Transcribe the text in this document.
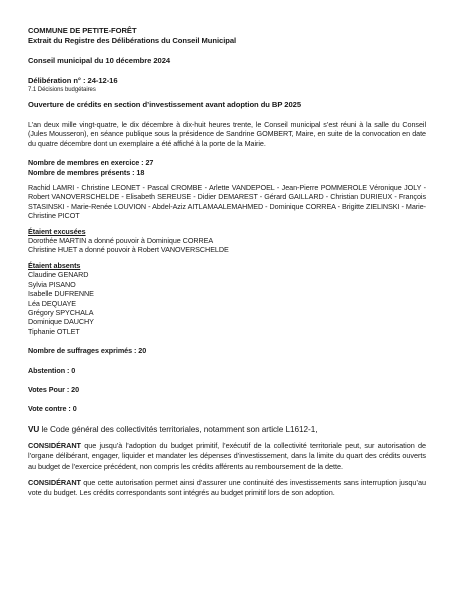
COMMUNE DE PETITE-FORÊT
Extrait du Registre des Délibérations du Conseil Municipal
Conseil municipal du 10 décembre 2024
Délibération n° : 24-12-16
7.1 Décisions budgétaires
Ouverture de crédits en section d’investissement avant adoption du BP 2025

L’an deux mille vingt-quatre, le dix décembre à dix-huit heures trente, le Conseil municipal s’est réuni à la salle du Conseil (Jules Mousseron), en séance publique sous la présidence de Sandrine GOMBERT, Maire, en suite de la convocation en date du quatre décembre dont un exemplaire a été affiché à la porte de la Mairie.

Nombre de membres en exercice : 27
Nombre de membres présents : 18

Rachid LAMRI - Christine LEONET - Pascal CROMBE - Arlette VANDEPOEL - Jean-Pierre POMMEROLE Véronique JOLY - Robert VANOVERSCHELDE - Elisabeth SEREUSE - Didier DEMAREST - Gérard GAILLARD - Christian DURIEUX - François STASINSKI - Marie-Renée LOUVION - Abdel-Aziz AITLAMAALEMAHMED - Dominique CORREA - Brigitte ZIELINSKI - Marie-Christine PICOT

Étaient excusées
Dorothée MARTIN a donné pouvoir à Dominique CORREA
Christine HUET a donné pouvoir à Robert VANOVERSCHELDE
Étaient absents
Claudine GENARD
Sylvia PISANO
Isabelle DUFRENNE
Léa DEQUAYE
Grégory SPYCHALA
Dominique DAUCHY
Tiphanie OTLET
Nombre de suffrages exprimés : 20
Abstention : 0
Votes Pour : 20
Vote contre : 0

VU le Code général des collectivités territoriales, notamment son article L1612-1,

CONSIDÉRANT que jusqu’à l’adoption du budget primitif, l’exécutif de la collectivité territoriale peut, sur autorisation de l’organe délibérant, engager, liquider et mandater les dépenses d’investissement, dans la limite du quart des crédits ouverts au budget de l’exercice précédent, non compris les crédits afférents au remboursement de la dette.

CONSIDÉRANT que cette autorisation permet ainsi d’assurer une continuité des investissements sans interruption jusqu’au vote du budget. Les crédits correspondants sont intégrés au budget primitif lors de son adoption.
